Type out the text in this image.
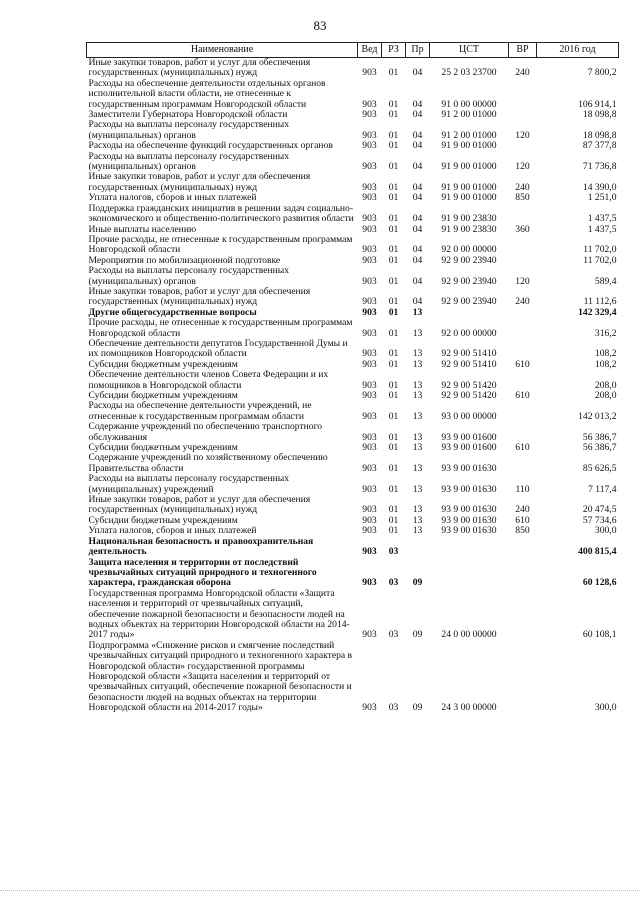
83
Наименование	Вед	РЗ	Пр	ЦСТ	ВР	2016 год
Иные закупки товаров, работ и услуг для обеспечения государственных (муниципальных) нужд	903	01	04	25 2 03 23700	240	7 800,2
Расходы на обеспечение деятельности отдельных органов исполнительной власти области, не отнесенные к государственным программам Новгородской области	903	01	04	91 0 00 00000		106 914,1
Заместители Губернатора Новгородской области	903	01	04	91 2 00 01000		18 098,8
Расходы на выплаты персоналу государственных (муниципальных) органов	903	01	04	91 2 00 01000	120	18 098,8
Расходы на обеспечение функций государственных органов	903	01	04	91 9 00 01000		87 377,8
Расходы на выплаты персоналу государственных (муниципальных) органов	903	01	04	91 9 00 01000	120	71 736,8
Иные закупки товаров, работ и услуг для обеспечения государственных (муниципальных) нужд	903	01	04	91 9 00 01000	240	14 390,0
Уплата налогов, сборов и иных платежей	903	01	04	91 9 00 01000	850	1 251,0
Поддержка гражданских инициатив в решении задач социально-экономического и общественно-политического развития области	903	01	04	91 9 00 23830		1 437,5
Иные выплаты населению	903	01	04	91 9 00 23830	360	1 437,5
Прочие расходы, не отнесенные к государственным программам Новгородской области	903	01	04	92 0 00 00000		11 702,0
Мероприятия по мобилизационной подготовке	903	01	04	92 9 00 23940		11 702,0
Расходы на выплаты персоналу государственных (муниципальных) органов	903	01	04	92 9 00 23940	120	589,4
Иные закупки товаров, работ и услуг для обеспечения государственных (муниципальных) нужд	903	01	04	92 9 00 23940	240	11 112,6
Другие общегосударственные вопросы	903	01	13			142 329,4
Прочие расходы, не отнесенные к государственным программам Новгородской области	903	01	13	92 0 00 00000		316,2
Обеспечение деятельности депутатов Государственной Думы и их помощников Новгородской области	903	01	13	92 9 00 51410		108,2
Субсидии бюджетным учреждениям	903	01	13	92 9 00 51410	610	108,2
Обеспечение деятельности членов Совета Федерации и их помощников в Новгородской области	903	01	13	92 9 00 51420		208,0
Субсидии бюджетным учреждениям	903	01	13	92 9 00 51420	610	208,0
Расходы на обеспечение деятельности учреждений, не отнесенные к государственным программам области	903	01	13	93 0 00 00000		142 013,2
Содержание учреждений по обеспечению транспортного обслуживания	903	01	13	93 9 00 01600		56 386,7
Субсидии бюджетным учреждениям	903	01	13	93 9 00 01600	610	56 386,7
Содержание учреждений по хозяйственному обеспечению Правительства области	903	01	13	93 9 00 01630		85 626,5
Расходы на выплаты персоналу государственных (муниципальных) учреждений	903	01	13	93 9 00 01630	110	7 117,4
Иные закупки товаров, работ и услуг для обеспечения государственных (муниципальных) нужд	903	01	13	93 9 00 01630	240	20 474,5
Субсидии бюджетным учреждениям	903	01	13	93 9 00 01630	610	57 734,6
Уплата налогов, сборов и иных платежей	903	01	13	93 9 00 01630	850	300,0
Национальная безопасность и правоохранительная деятельность	903	03				400 815,4
Защита населения и территории от последствий чрезвычайных ситуаций природного и техногенного характера, гражданская оборона	903	03	09			60 128,6
Государственная программа Новгородской области «Защита населения и территорий от чрезвычайных ситуаций, обеспечение пожарной безопасности и безопасности людей на водных объектах на территории Новгородской области на 2014-2017 годы»	903	03	09	24 0 00 00000		60 108,1
Подпрограмма «Снижение рисков и смягчение последствий чрезвычайных ситуаций природного и техногенного характера в Новгородской области» государственной программы Новгородской области «Защита населения и территорий от чрезвычайных ситуаций, обеспечение пожарной безопасности и безопасности людей на водных объектах на территории Новгородской области на 2014-2017 годы»	903	03	09	24 3 00 00000		300,0
